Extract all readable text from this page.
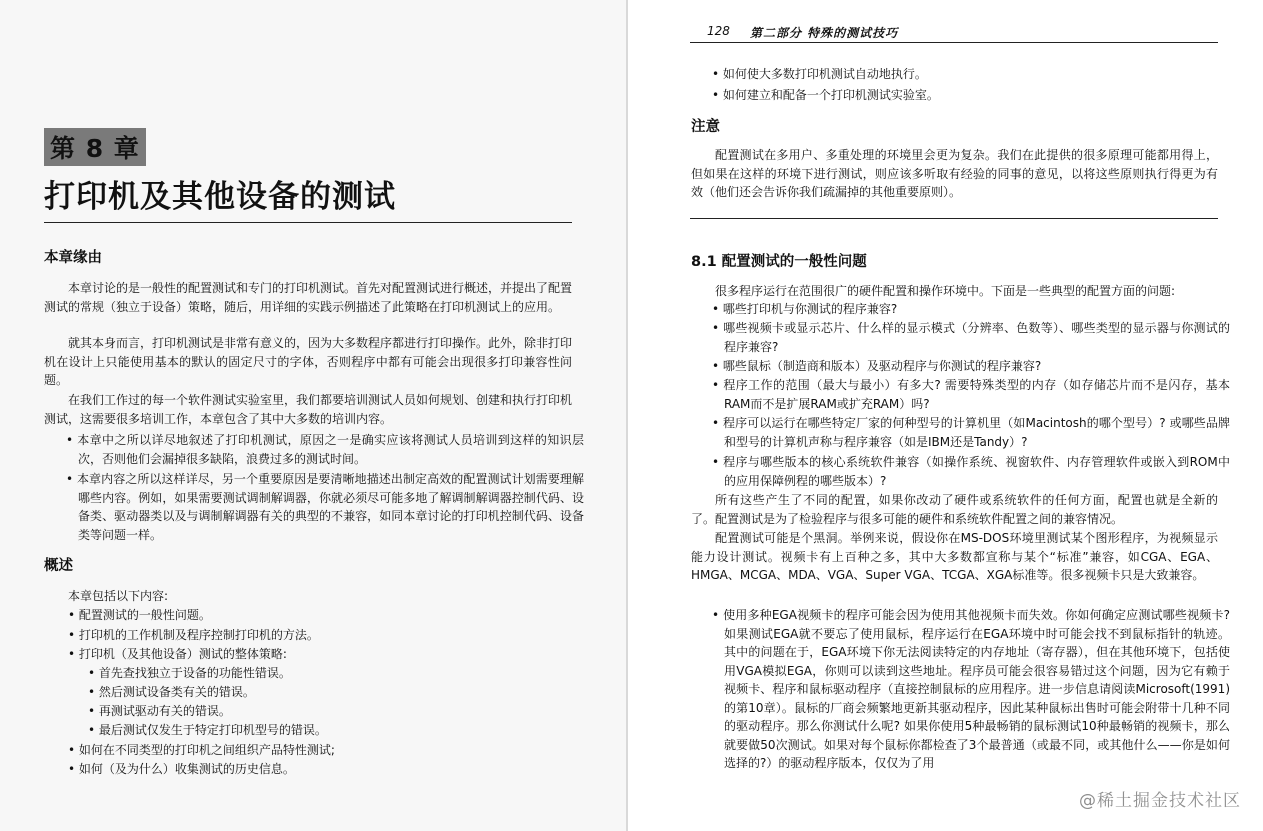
第 8 章
打印机及其他设备的测试
本章缘由

本章讨论的是一般性的配置测试和专门的打印机测试。首先对配置测试进行概述，并提出了配置测试的常规（独立于设备）策略，随后，用详细的实践示例描述了此策略在打印机测试上的应用。

就其本身而言，打印机测试是非常有意义的，因为大多数程序都进行打印操作。此外，除非打印机在设计上只能使用基本的默认的固定尺寸的字体，否则程序中都有可能会出现很多打印兼容性问题。

在我们工作过的每一个软件测试实验室里，我们都要培训测试人员如何规划、创建和执行打印机测试，这需要很多培训工作，本章包含了其中大多数的培训内容。

• 本章中之所以详尽地叙述了打印机测试，原因之一是确实应该将测试人员培训到这样的知识层次，否则他们会漏掉很多缺陷，浪费过多的测试时间。

• 本章内容之所以这样详尽，另一个重要原因是要清晰地描述出制定高效的配置测试计划需要理解哪些内容。例如，如果需要测试调制解调器，你就必须尽可能多地了解调制解调器控制代码、设备类、驱动器类以及与调制解调器有关的典型的不兼容，如同本章讨论的打印机控制代码、设备类等问题一样。

概述

本章包括以下内容:

• 配置测试的一般性问题。

• 打印机的工作机制及程序控制打印机的方法。

• 打印机（及其他设备）测试的整体策略:

• 首先查找独立于设备的功能性错误。

• 然后测试设备类有关的错误。

• 再测试驱动有关的错误。

• 最后测试仅发生于特定打印机型号的错误。

• 如何在不同类型的打印机之间组织产品特性测试;

• 如何（及为什么）收集测试的历史信息。

128 第二部分 特殊的测试技巧

• 如何使大多数打印机测试自动地执行。

• 如何建立和配备一个打印机测试实验室。

注意

配置测试在多用户、多重处理的环境里会更为复杂。我们在此提供的很多原理可能都用得上，但如果在这样的环境下进行测试，则应该多听取有经验的同事的意见，以将这些原则执行得更为有效（他们还会告诉你我们疏漏掉的其他重要原则）。

8.1 配置测试的一般性问题

很多程序运行在范围很广的硬件配置和操作环境中。下面是一些典型的配置方面的问题:

• 哪些打印机与你测试的程序兼容?

• 哪些视频卡或显示芯片、什么样的显示模式（分辨率、色数等）、哪些类型的显示器与你测试的程序兼容?

• 哪些鼠标（制造商和版本）及驱动程序与你测试的程序兼容?

• 程序工作的范围（最大与最小）有多大? 需要特殊类型的内存（如存储芯片而不是闪存，基本RAM而不是扩展RAM或扩充RAM）吗?

• 程序可以运行在哪些特定厂家的何种型号的计算机里（如Macintosh的哪个型号）? 或哪些品牌和型号的计算机声称与程序兼容（如是IBM还是Tandy）?

• 程序与哪些版本的核心系统软件兼容（如操作系统、视窗软件、内存管理软件或嵌入到ROM中的应用保障例程的哪些版本）?

所有这些产生了不同的配置，如果你改动了硬件或系统软件的任何方面，配置也就是全新的了。配置测试是为了检验程序与很多可能的硬件和系统软件配置之间的兼容情况。

配置测试可能是个黑洞。举例来说，假设你在MS-DOS环境里测试某个图形程序，为视频显示能力设计测试。视频卡有上百种之多，其中大多数都宣称与某个“标准”兼容，如CGA、EGA、HMGA、MCGA、MDA、VGA、Super VGA、TCGA、XGA标准等。很多视频卡只是大致兼容。

• 使用多种EGA视频卡的程序可能会因为使用其他视频卡而失效。你如何确定应测试哪些视频卡? 如果测试EGA就不要忘了使用鼠标，程序运行在EGA环境中时可能会找不到鼠标指针的轨迹。其中的问题在于，EGA环境下你无法阅读特定的内存地址（寄存器），但在其他环境下，包括使用VGA模拟EGA，你则可以读到这些地址。程序员可能会很容易错过这个问题，因为它有赖于视频卡、程序和鼠标驱动程序（直接控制鼠标的应用程序。进一步信息请阅读Microsoft(1991)的第10章）。鼠标的厂商会频繁地更新其驱动程序，因此某种鼠标出售时可能会附带十几种不同的驱动程序。那么你测试什么呢? 如果你使用5种最畅销的鼠标测试10种最畅销的视频卡，那么就要做50次测试。如果对每个鼠标你都检查了3个最普通（或最不同，或其他什么——你是如何选择的?）的驱动程序版本，仅仅为了用

@稀土掘金技术社区
